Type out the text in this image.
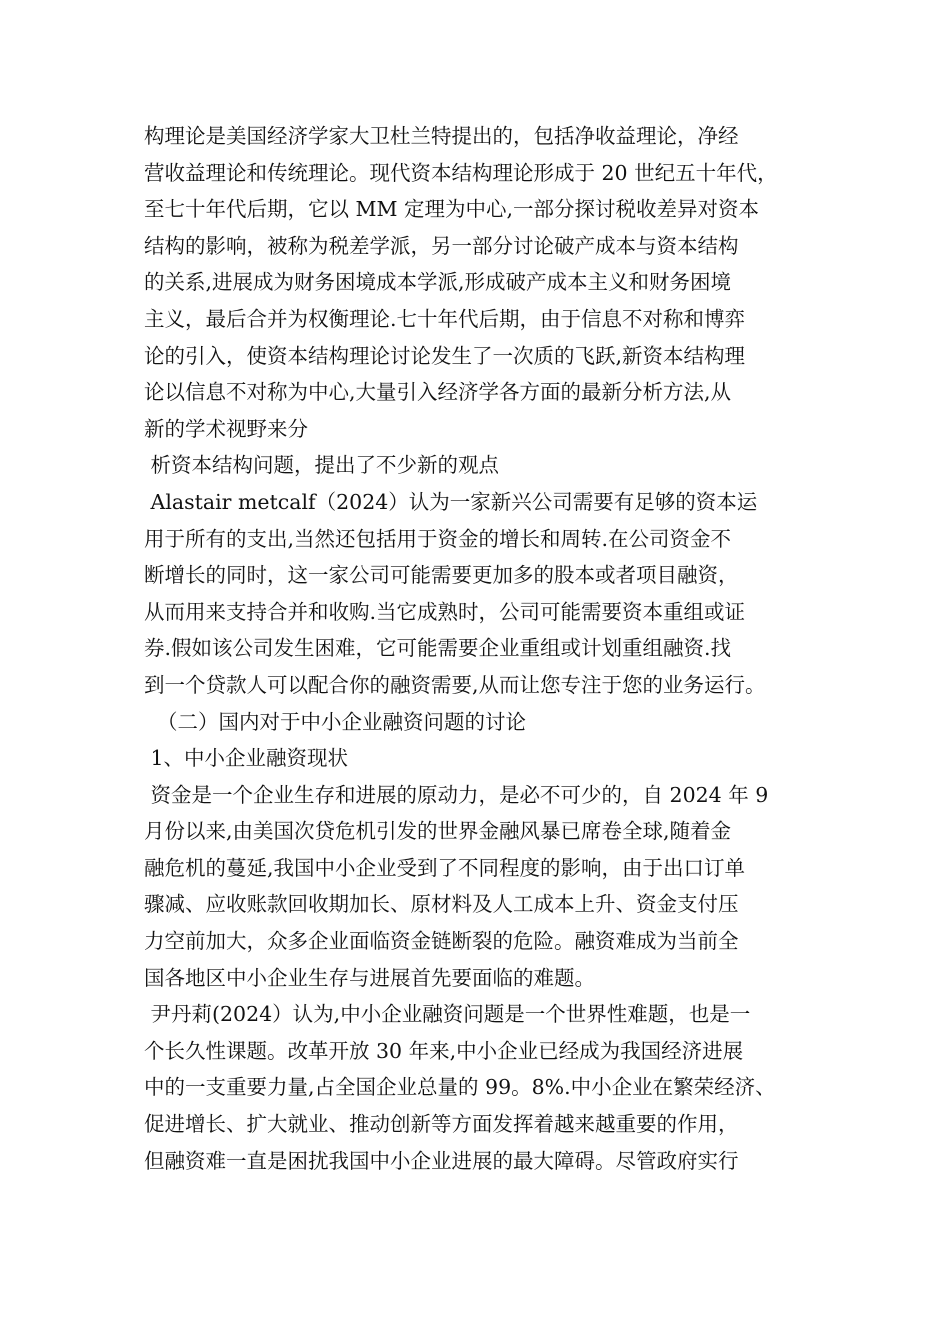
构理论是美国经济学家大卫杜兰特提出的，包括净收益理论，净经
营收益理论和传统理论。现代资本结构理论形成于 20 世纪五十年代，
至七十年代后期，它以 MM 定理为中心,一部分探讨税收差异对资本
结构的影响，被称为税差学派，另一部分讨论破产成本与资本结构
的关系,进展成为财务困境成本学派,形成破产成本主义和财务困境
主义，最后合并为权衡理论.七十年代后期，由于信息不对称和博弈
论的引入，使资本结构理论讨论发生了一次质的飞跃,新资本结构理
论以信息不对称为中心,大量引入经济学各方面的最新分析方法,从
新的学术视野来分
析资本结构问题，提出了不少新的观点
Alastair metcalf（2024）认为一家新兴公司需要有足够的资本运
用于所有的支出,当然还包括用于资金的增长和周转.在公司资金不
断增长的同时，这一家公司可能需要更加多的股本或者项目融资，
从而用来支持合并和收购.当它成熟时，公司可能需要资本重组或证
券.假如该公司发生困难，它可能需要企业重组或计划重组融资.找
到一个贷款人可以配合你的融资需要,从而让您专注于您的业务运行。
（二）国内对于中小企业融资问题的讨论
1、中小企业融资现状
资金是一个企业生存和进展的原动力，是必不可少的，自 2024 年 9
月份以来,由美国次贷危机引发的世界金融风暴已席卷全球,随着金
融危机的蔓延,我国中小企业受到了不同程度的影响，由于出口订单
骤减、应收账款回收期加长、原材料及人工成本上升、资金支付压
力空前加大，众多企业面临资金链断裂的危险。融资难成为当前全
国各地区中小企业生存与进展首先要面临的难题。
尹丹莉(2024）认为,中小企业融资问题是一个世界性难题，也是一
个长久性课题。改革开放 30 年来,中小企业已经成为我国经济进展
中的一支重要力量,占全国企业总量的 99。8%.中小企业在繁荣经济、
促进增长、扩大就业、推动创新等方面发挥着越来越重要的作用，
但融资难一直是困扰我国中小企业进展的最大障碍。尽管政府实行
